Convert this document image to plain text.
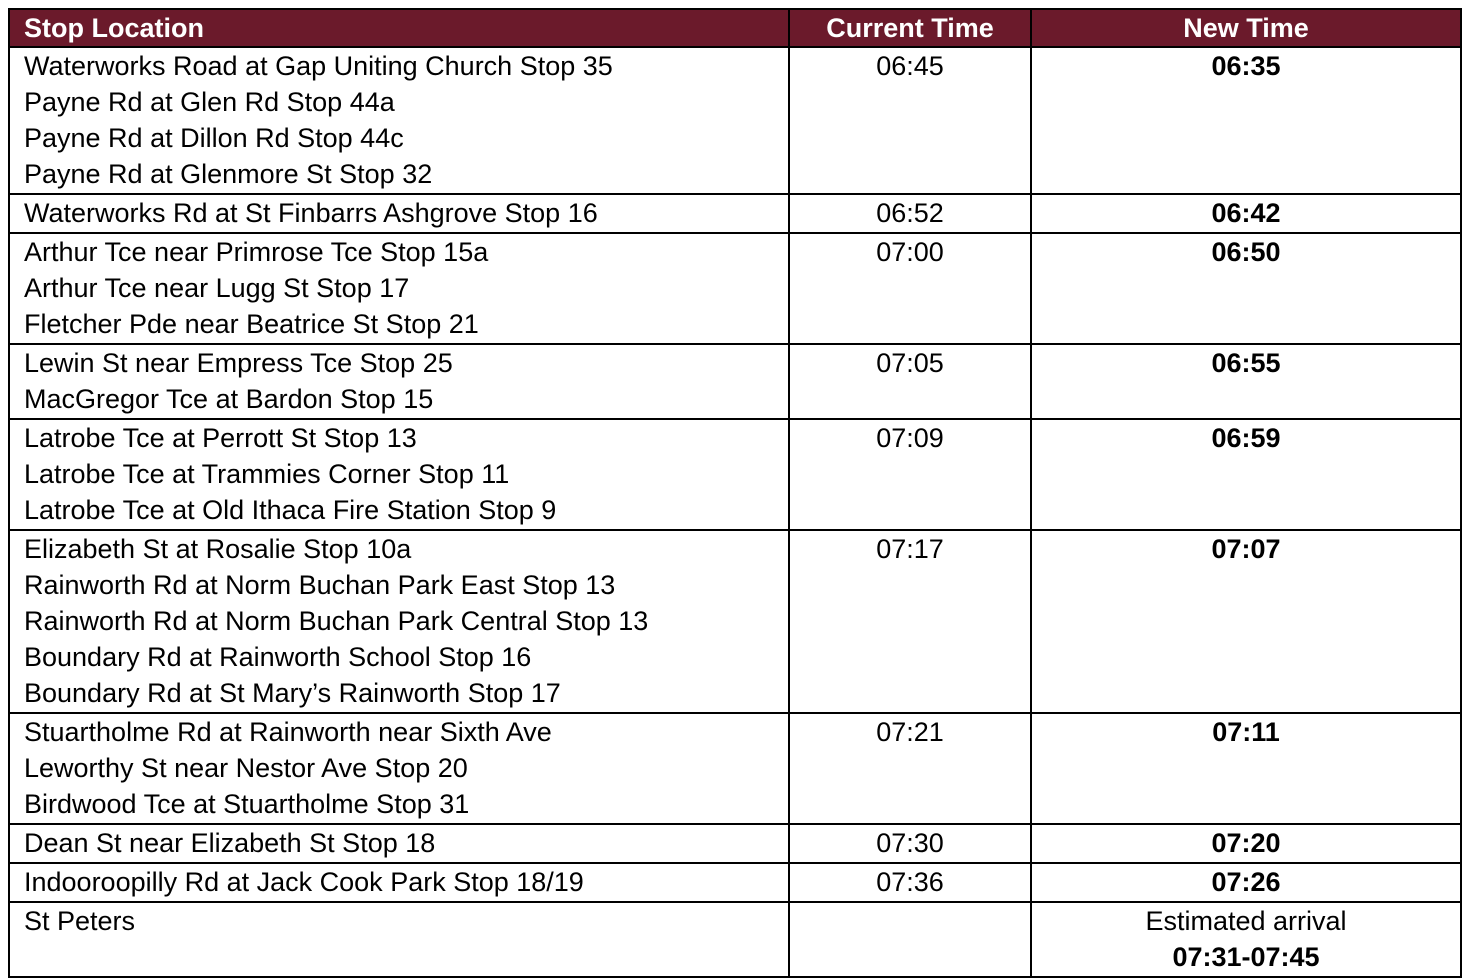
Stop Location	Current Time	New Time

Waterworks Road at Gap Uniting Church Stop 35
Payne Rd at Glen Rd Stop 44a
Payne Rd at Dillon Rd Stop 44c
Payne Rd at Glenmore St Stop 32	06:45	06:35

Waterworks Rd at St Finbarrs Ashgrove Stop 16	06:52	06:42

Arthur Tce near Primrose Tce Stop 15a
Arthur Tce near Lugg St Stop 17
Fletcher Pde near Beatrice St Stop 21	07:00	06:50

Lewin St near Empress Tce Stop 25
MacGregor Tce at Bardon Stop 15	07:05	06:55

Latrobe Tce at Perrott St Stop 13
Latrobe Tce at Trammies Corner Stop 11
Latrobe Tce at Old Ithaca Fire Station Stop 9	07:09	06:59

Elizabeth St at Rosalie Stop 10a
Rainworth Rd at Norm Buchan Park East Stop 13
Rainworth Rd at Norm Buchan Park Central Stop 13
Boundary Rd at Rainworth School Stop 16
Boundary Rd at St Mary’s Rainworth Stop 17	07:17	07:07

Stuartholme Rd at Rainworth near Sixth Ave
Leworthy St near Nestor Ave Stop 20
Birdwood Tce at Stuartholme Stop 31	07:21	07:11

Dean St near Elizabeth St Stop 18	07:30	07:20

Indooroopilly Rd at Jack Cook Park Stop 18/19	07:36	07:26

St Peters		Estimated arrival
07:31-07:45
